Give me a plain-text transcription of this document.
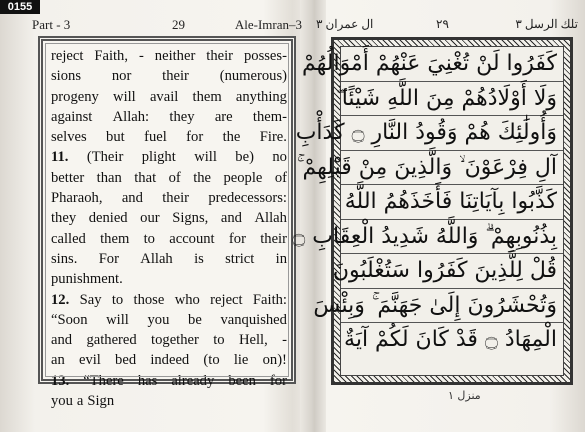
0155
Part - 3	29	Ale-Imran–3
reject Faith, - neither their posses-
sions nor their (numerous)
progeny will avail them anything
against Allah: they are them-
selves but fuel for the Fire.
11. (Their plight will be) no
better than that of the people of
Pharaoh, and their predecessors:
they denied our Signs, and Allah
called them to account for their
sins. For Allah is strict in
punishment.
12. Say to those who reject Faith:
“Soon will you be vanquished
and gathered together to Hell, -
an evil bed indeed (to lie on)!
13. “There has already been for
you a Sign
ال عمران ٣	٢٩	تلك الرسل ٣
كَفَرُوا لَنْ تُغْنِيَ عَنْهُمْ أَمْوَالُهُمْ
وَلَا أَوْلَادُهُمْ مِنَ اللَّهِ شَيْئًا ۖ
وَأُولَٰئِكَ هُمْ وَقُودُ النَّارِ ۝ كَدَأْبِ
آلِ فِرْعَوْنَ ۙ وَالَّذِينَ مِنْ قَبْلِهِمْ ۚ
كَذَّبُوا بِآيَاتِنَا فَأَخَذَهُمُ اللَّهُ
بِذُنُوبِهِمْ ۗ وَاللَّهُ شَدِيدُ الْعِقَابِ ۝
قُلْ لِلَّذِينَ كَفَرُوا سَتُغْلَبُونَ
وَتُحْشَرُونَ إِلَىٰ جَهَنَّمَ ۚ وَبِئْسَ
الْمِهَادُ ۝ قَدْ كَانَ لَكُمْ آيَةٌ
منزل ١
